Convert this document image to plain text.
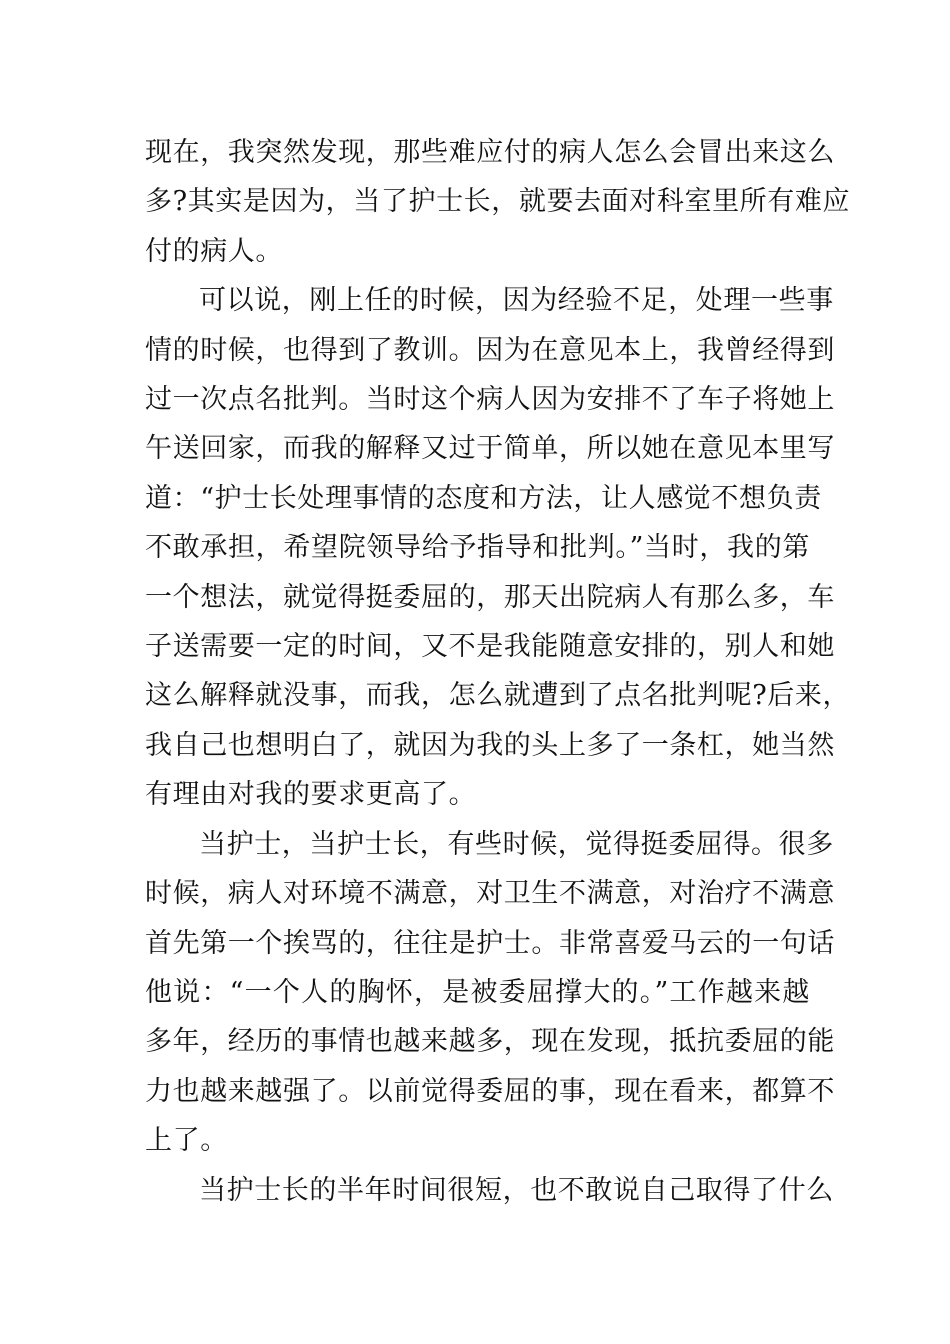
现在，我突然发现，那些难应付的病人怎么会冒出来这么
多?其实是因为，当了护士长，就要去面对科室里所有难应
付的病人。

可以说，刚上任的时候，因为经验不足，处理一些事
情的时候，也得到了教训。因为在意见本上，我曾经得到
过一次点名批判。当时这个病人因为安排不了车子将她上
午送回家，而我的解释又过于简单，所以她在意见本里写
道：“护士长处理事情的态度和方法，让人感觉不想负责
不敢承担，希望院领导给予指导和批判。”当时，我的第
一个想法，就觉得挺委屈的，那天出院病人有那么多，车
子送需要一定的时间，又不是我能随意安排的，别人和她
这么解释就没事，而我，怎么就遭到了点名批判呢?后来，
我自己也想明白了，就因为我的头上多了一条杠，她当然
有理由对我的要求更高了。

当护士，当护士长，有些时候，觉得挺委屈得。很多
时候，病人对环境不满意，对卫生不满意，对治疗不满意
首先第一个挨骂的，往往是护士。非常喜爱马云的一句话
他说：“一个人的胸怀，是被委屈撑大的。”工作越来越
多年，经历的事情也越来越多，现在发现，抵抗委屈的能
力也越来越强了。以前觉得委屈的事，现在看来，都算不
上了。

当护士长的半年时间很短，也不敢说自己取得了什么
